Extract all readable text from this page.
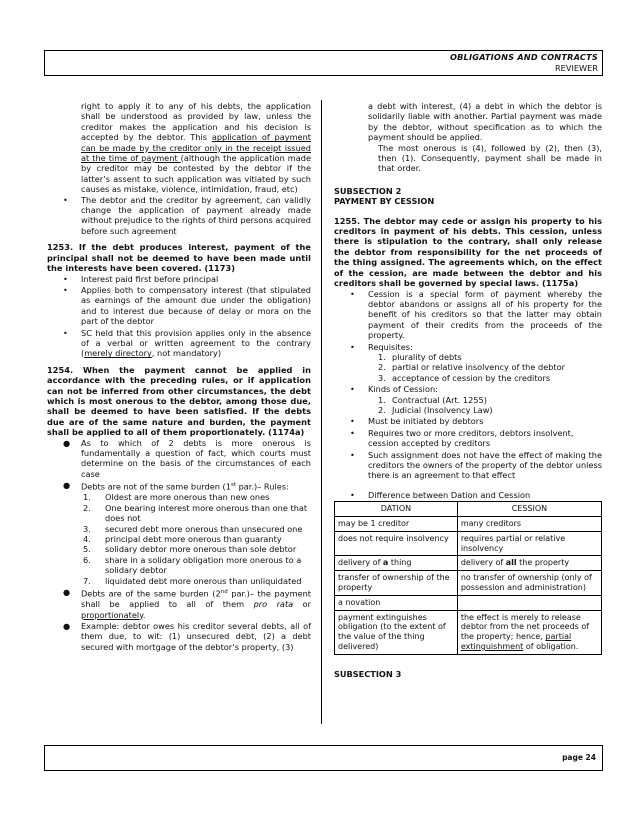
OBLIGATIONS AND CONTRACTS
REVIEWER

right to apply it to any of his debts, the application shall be understood as provided by law, unless the creditor makes the application and his decision is accepted by the debtor. This application of payment can be made by the creditor only in the receipt issued at the time of payment (although the application made by creditor may be contested by the debtor if the latter’s assent to such application was vitiated by such causes as mistake, violence, intimidation, fraud, etc)

• The debtor and the creditor by agreement, can validly change the application of payment already made without prejudice to the rights of third persons acquired before such agreement

1253. If the debt produces interest, payment of the principal shall not be deemed to have been made until the interests have been covered. (1173)

• Interest paid first before principal
• Applies both to compensatory interest (that stipulated as earnings of the amount due under the obligation) and to interest due because of delay or mora on the part of the debtor
• SC held that this provision applies only in the absence of a verbal or written agreement to the contrary (merely directory, not mandatory)

1254. When the payment cannot be applied in accordance with the preceding rules, or if application can not be inferred from other circumstances, the debt which is most onerous to the debtor, among those due, shall be deemed to have been satisfied. If the debts due are of the same nature and burden, the payment shall be applied to all of them proportionately. (1174a)

● As to which of 2 debts is more onerous is fundamentally a question of fact, which courts must determine on the basis of the circumstances of each case
● Debts are not of the same burden (1st par.)– Rules:
1. Oldest are more onerous than new ones
2. One bearing interest more onerous than one that does not
3. secured debt more onerous than unsecured one
4. principal debt more onerous than guaranty
5. solidary debtor more onerous than sole debtor
6. share in a solidary obligation more onerous to a solidary debtor
7. liquidated debt more onerous than unliquidated
● Debts are of the same burden (2nd par.)– the payment shall be applied to all of them pro rata or proportionately.
● Example: debtor owes his creditor several debts, all of them due, to wit: (1) unsecured debt, (2) a debt secured with mortgage of the debtor’s property, (3)

a debt with interest, (4) a debt in which the debtor is solidarily liable with another. Partial payment was made by the debtor, without specification as to which the payment should be applied.

The most onerous is (4), followed by (2), then (3), then (1). Consequently, payment shall be made in that order.

SUBSECTION 2

PAYMENT BY CESSION

1255. The debtor may cede or assign his property to his creditors in payment of his debts. This cession, unless there is stipulation to the contrary, shall only release the debtor from responsibility for the net proceeds of the thing assigned. The agreements which, on the effect of the cession, are made between the debtor and his creditors shall be governed by special laws. (1175a)

• Cession is a special form of payment whereby the debtor abandons or assigns all of his property for the benefit of his creditors so that the latter may obtain payment of their credits from the proceeds of the property.
• Requisites:
1. plurality of debts
2. partial or relative insolvency of the debtor
3. acceptance of cession by the creditors
• Kinds of Cession:
1. Contractual (Art. 1255)
2. Judicial (Insolvency Law)
• Must be initiated by debtors
• Requires two or more creditors, debtors insolvent, cession accepted by creditors
• Such assignment does not have the effect of making the creditors the owners of the property of the debtor unless there is an agreement to that effect
• Difference between Dation and Cession
DATION	CESSION
may be 1 creditor	many creditors
does not require insolvency	requires partial or relative insolvency
delivery of a thing	delivery of all the property
transfer of ownership of the property	no transfer of ownership (only of possession and administration)
a novation	
payment extinguishes obligation (to the extent of the value of the thing delivered)	the effect is merely to release debtor from the net proceeds of the property; hence, partial extinguishment of obligation.

SUBSECTION 3

page 24
